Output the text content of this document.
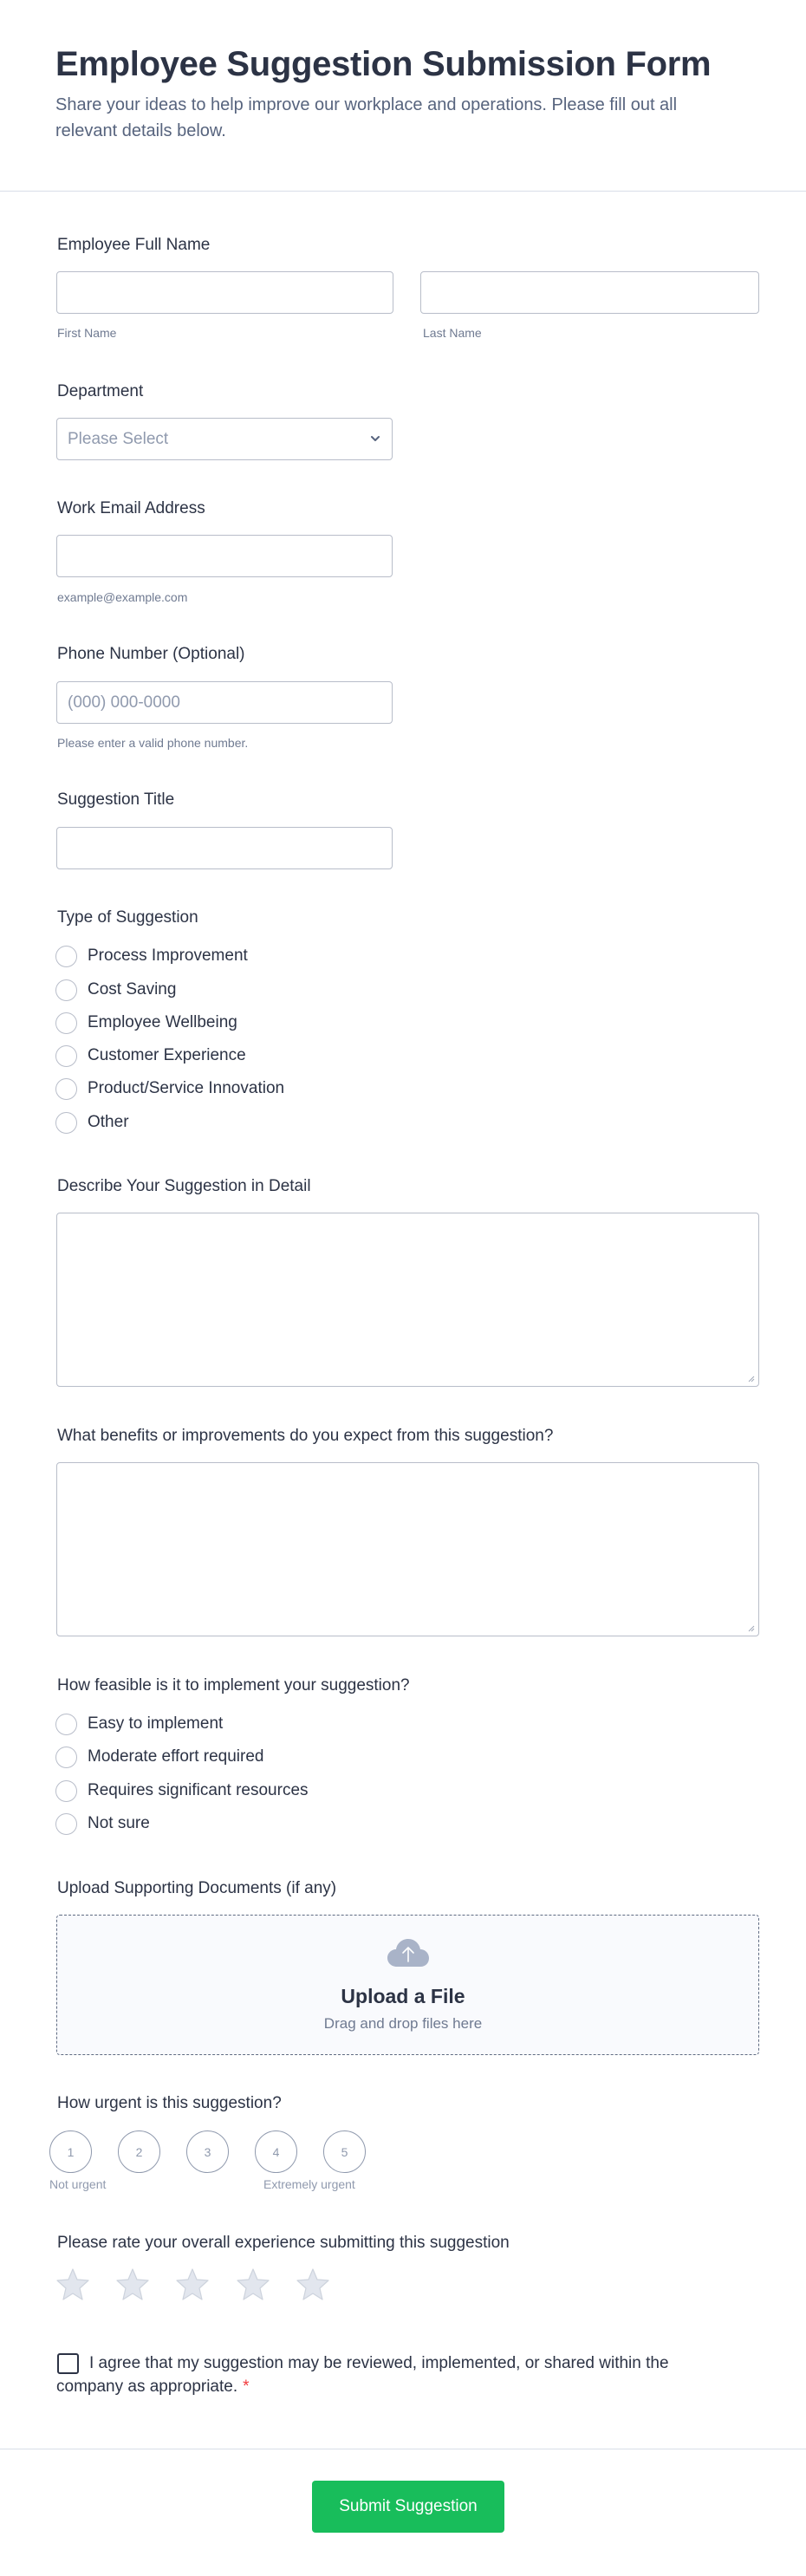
Employee Suggestion Submission Form

Share your ideas to help improve our workplace and operations. Please fill out all relevant details below.

Employee Full Name
First Name	Last Name
Department
Please Select
Work Email Address
example@example.com
Phone Number (Optional)
(000) 000-0000
Please enter a valid phone number.
Suggestion Title
Type of Suggestion
Process Improvement
Cost Saving
Employee Wellbeing
Customer Experience
Product/Service Innovation
Other
Describe Your Suggestion in Detail
What benefits or improvements do you expect from this suggestion?
How feasible is it to implement your suggestion?
Easy to implement
Moderate effort required
Requires significant resources
Not sure
Upload Supporting Documents (if any)
Upload a File
Drag and drop files here
How urgent is this suggestion?
1	2	3	4	5
Not urgent	Extremely urgent
Please rate your overall experience submitting this suggestion
I agree that my suggestion may be reviewed, implemented, or shared within the company as appropriate. *
Submit Suggestion
